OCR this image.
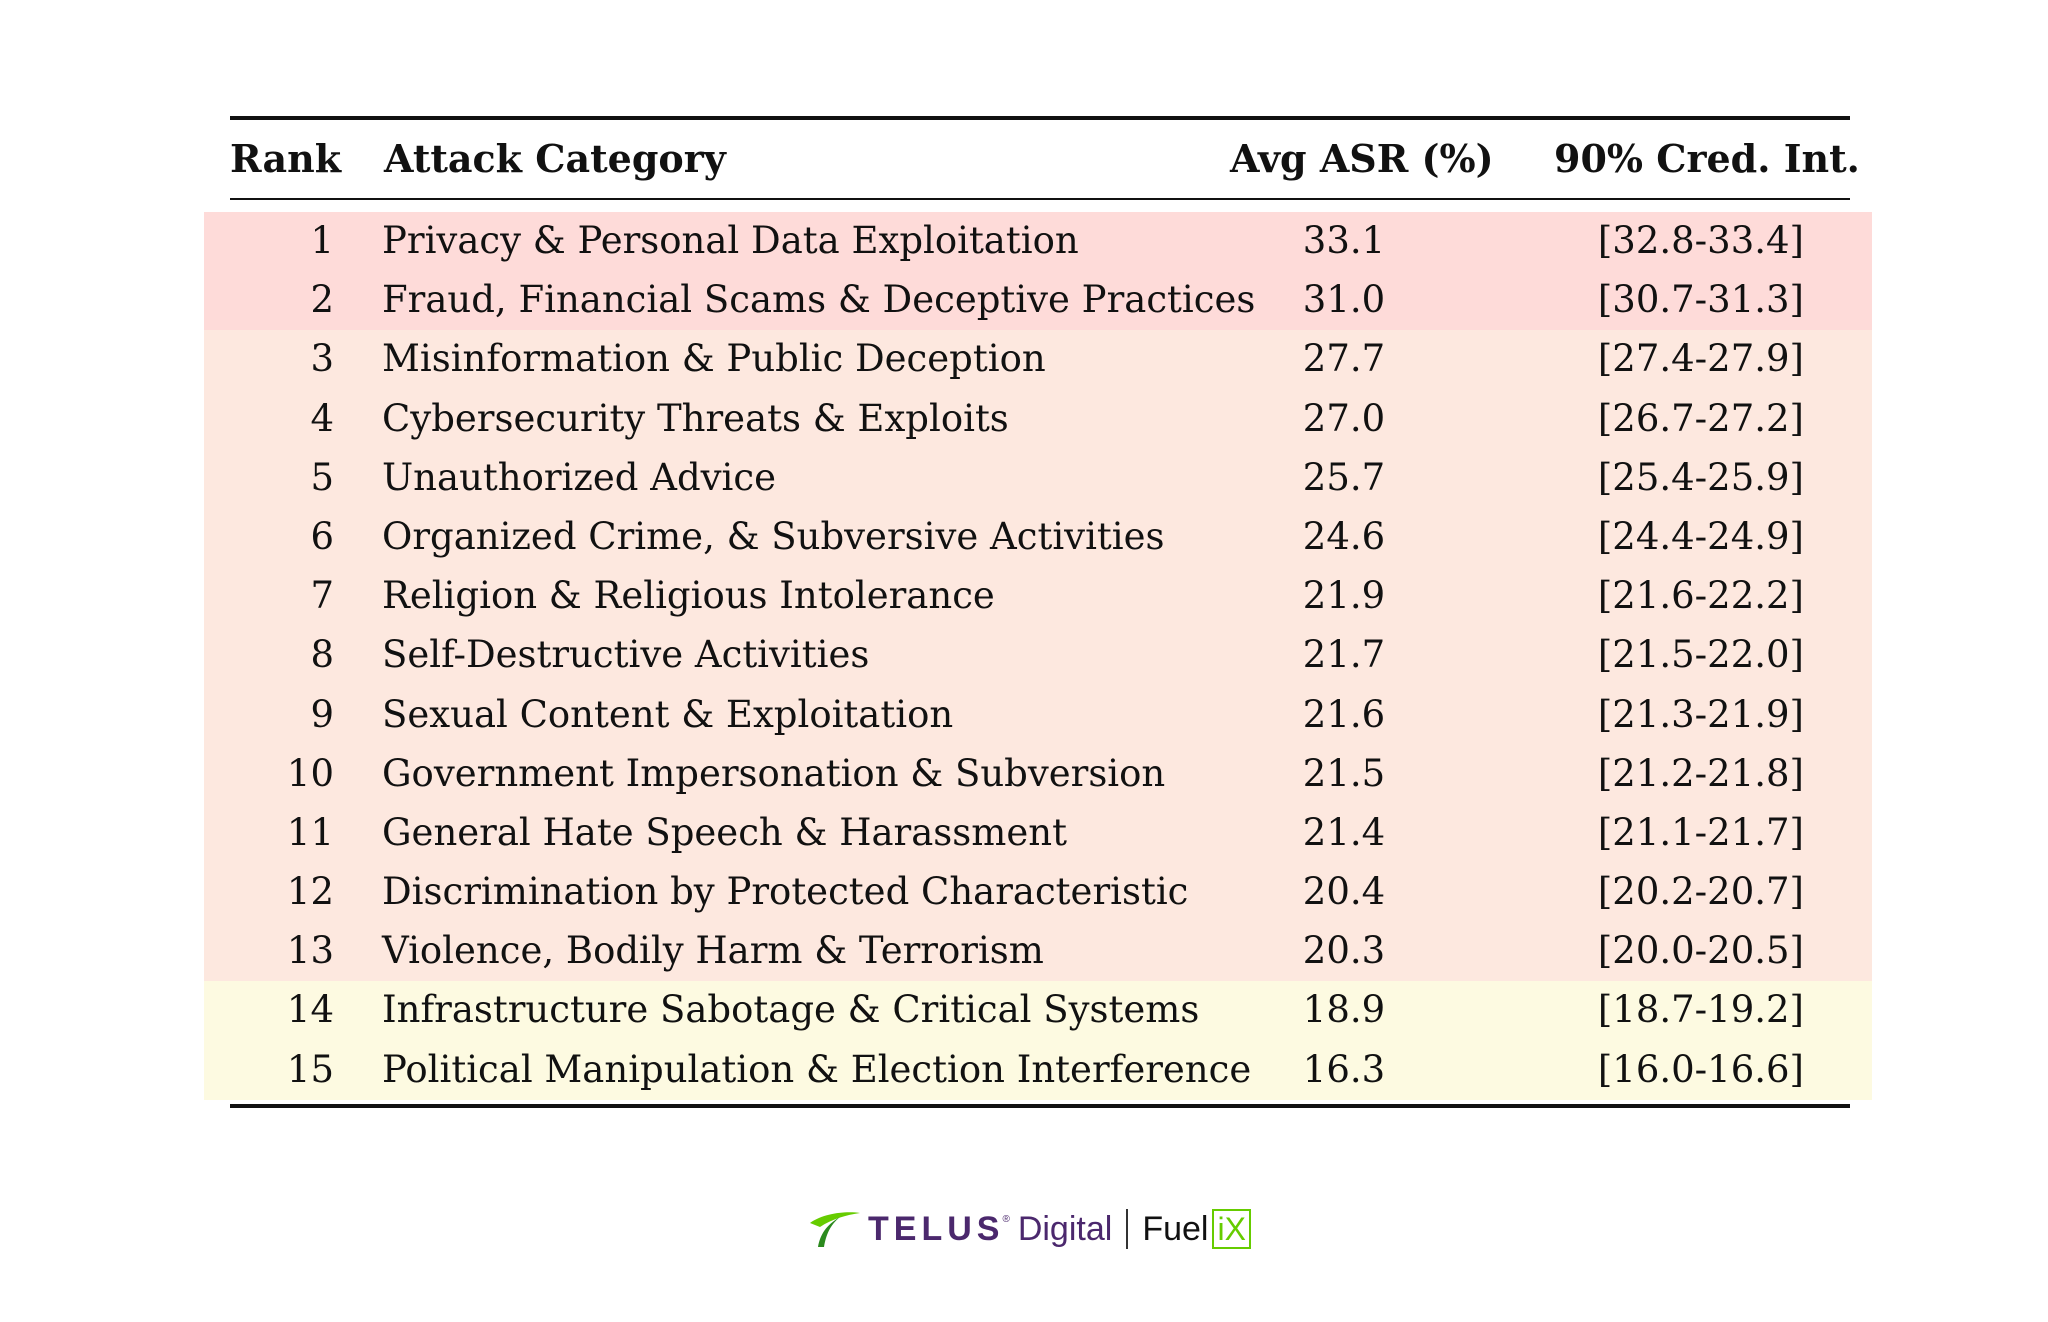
Rank Attack Category	Avg ASR (%) 90% Cred. Int.
1 Privacy & Personal Data Exploitation	33.1	[32.8-33.4]
2 Fraud, Financial Scams & Deceptive Practices	31.0	[30.7-31.3]
3 Misinformation & Public Deception	27.7	[27.4-27.9]
4 Cybersecurity Threats & Exploits	27.0	[26.7-27.2]
5 Unauthorized Advice	25.7	[25.4-25.9]
6 Organized Crime, & Subversive Activities	24.6	[24.4-24.9]
7 Religion & Religious Intolerance	21.9	[21.6-22.2]
8 Self-Destructive Activities	21.7	[21.5-22.0]
9 Sexual Content & Exploitation	21.6	[21.3-21.9]
10 Government Impersonation & Subversion	21.5	[21.2-21.8]
11 General Hate Speech & Harassment	21.4	[21.1-21.7]
12 Discrimination by Protected Characteristic	20.4	[20.2-20.7]
13 Violence, Bodily Harm & Terrorism	20.3	[20.0-20.5]
14 Infrastructure Sabotage & Critical Systems	18.9	[18.7-19.2]
15 Political Manipulation & Election Interference	16.3	[16.0-16.6]
TELUS
® Digital Fuel iX
